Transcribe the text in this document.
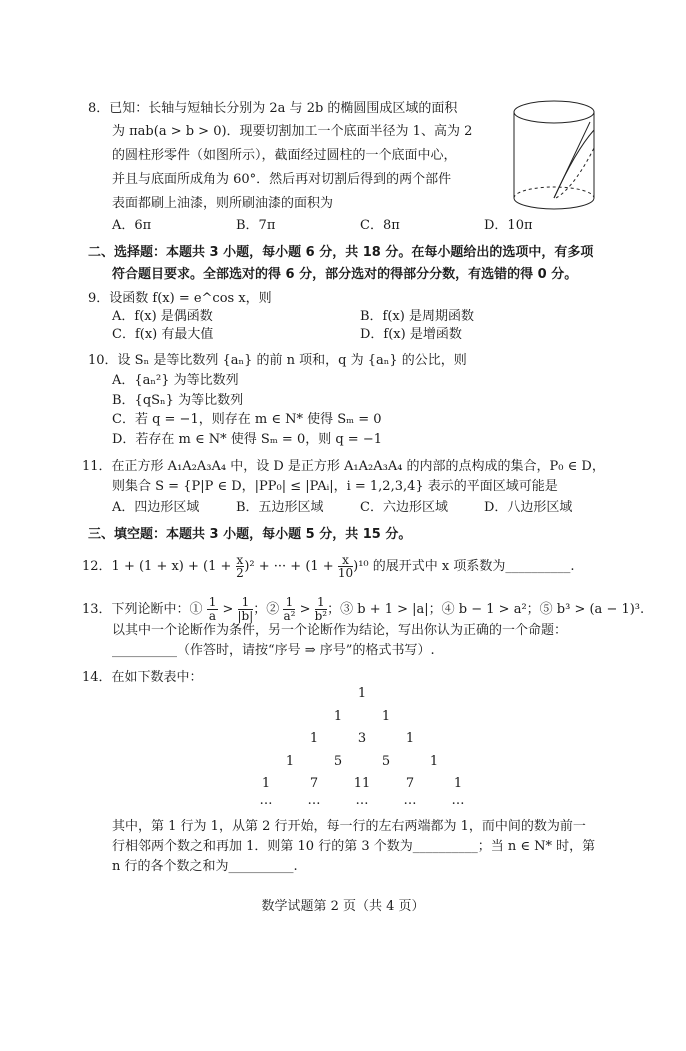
8．已知：长轴与短轴长分别为 2a 与 2b 的椭圆围成区域的面积
为 πab(a > b > 0)．现要切割加工一个底面半径为 1、高为 2
的圆柱形零件（如图所示），截面经过圆柱的一个底面中心，
并且与底面所成角为 60°．然后再对切割后得到的两个部件
表面都刷上油漆，则所刷油漆的面积为
A．6π	B．7π	C．8π	D．10π
二、选择题：本题共 3 小题，每小题 6 分，共 18 分。在每小题给出的选项中，有多项
符合题目要求。全部选对的得 6 分，部分选对的得部分分数，有选错的得 0 分。
9．设函数 f(x) = e^cos x，则
A．f(x) 是偶函数	B．f(x) 是周期函数
C．f(x) 有最大值	D．f(x) 是增函数
10．设 Sₙ 是等比数列 {aₙ} 的前 n 项和，q 为 {aₙ} 的公比，则
A．{aₙ²} 为等比数列
B．{qSₙ} 为等比数列
C．若 q = −1，则存在 m ∈ N* 使得 Sₘ = 0
D．若存在 m ∈ N* 使得 Sₘ = 0，则 q = −1
11．在正方形 A₁A₂A₃A₄ 中，设 D 是正方形 A₁A₂A₃A₄ 的内部的点构成的集合，P₀ ∈ D，
则集合 S = {P|P ∈ D，|PP₀| ≤ |PAᵢ|，i = 1,2,3,4} 表示的平面区域可能是
A．四边形区域	B．五边形区域	C．六边形区域	D．八边形区域
三、填空题：本题共 3 小题，每小题 5 分，共 15 分。
12．$1 + (1 + x) + (1 + \frac{x}{2} )^2$ + ··· + $(1 + \frac{x}{10} )^{10}$ 的展开式中 x 项系数为__________.
13．下列论断中：① $\frac{1}{a} > \frac{1}{|b|}$ ；② $\frac{1}{\text{a²}} > \frac{1}{\text{b²}}$ ；③ b + 1 > |a|；④ b − 1 > a²；⑤ b³ > (a − 1)³.
以其中一个论断作为条件，另一个论断作为结论，写出你认为正确的一个命题：
__________（作答时，请按“序号 ⇒ 序号”的格式书写）.
14．在如下数表中：
1
1	1
1	3	1
1	5	5	1
1	7	11	7	1
…	…	…	…	…
其中，第 1 行为 1，从第 2 行开始，每一行的左右两端都为 1，而中间的数为前一
行相邻两个数之和再加 1．则第 10 行的第 3 个数为__________；当 n ∈ N* 时，第
n 行的各个数之和为__________.
数学试题第 2 页（共 4 页）
